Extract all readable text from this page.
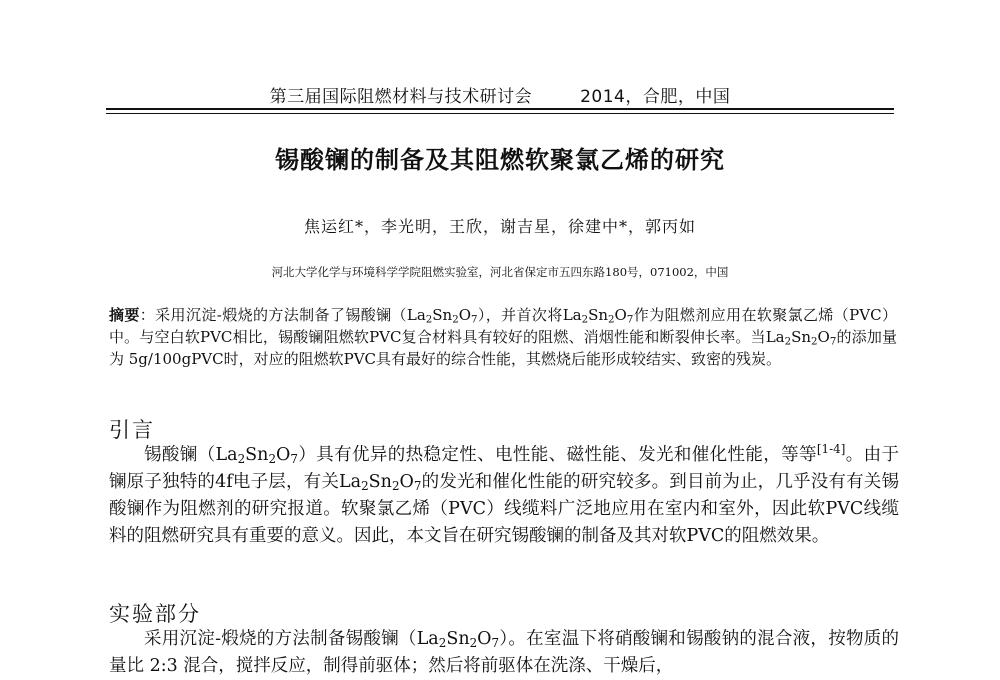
第三届国际阻燃材料与技术研讨会	2014，合肥，中国
锡酸镧的制备及其阻燃软聚氯乙烯的研究
焦运红*，李光明，王欣，谢吉星，徐建中*，郭丙如
河北大学化学与环境科学学院阻燃实验室，河北省保定市五四东路180号，071002，中国
摘要：采用沉淀-煅烧的方法制备了锡酸镧$(La_2Sn_2O_7)$，并首次将$La_2Sn_2O_7$作为阻燃剂应用在软聚氯乙烯（PVC）中。与空白软PVC相比，锡酸镧阻燃软PVC复合材料具有较好的阻燃、消烟性能和断裂伸长率。当$La_2Sn_2O_7$的添加量为 5g/100gPVC时，对应的阻燃软PVC具有最好的综合性能，其燃烧后能形成较结实、致密的残炭。
引言
锡酸镧$(La_2Sn_2O_7)$具有优异的热稳定性、电性能、磁性能、发光和催化性能，等等[1-4]。由于镧原子独特的4f电子层，有关$La_2Sn_2O_7$的发光和催化性能的研究较多。到目前为止，几乎没有有关锡酸镧作为阻燃剂的研究报道。软聚氯乙烯（PVC）线缆料广泛地应用在室内和室外，因此软PVC线缆料的阻燃研究具有重要的意义。因此，本文旨在研究锡酸镧的制备及其对软PVC的阻燃效果。
实验部分
采用沉淀-煅烧的方法制备锡酸镧$(La_2Sn_2O_7)$。在室温下将硝酸镧和锡酸钠的混合液，按物质的量比 2:3 混合，搅拌反应，制得前驱体；然后将前驱体在洗涤、干燥后，
